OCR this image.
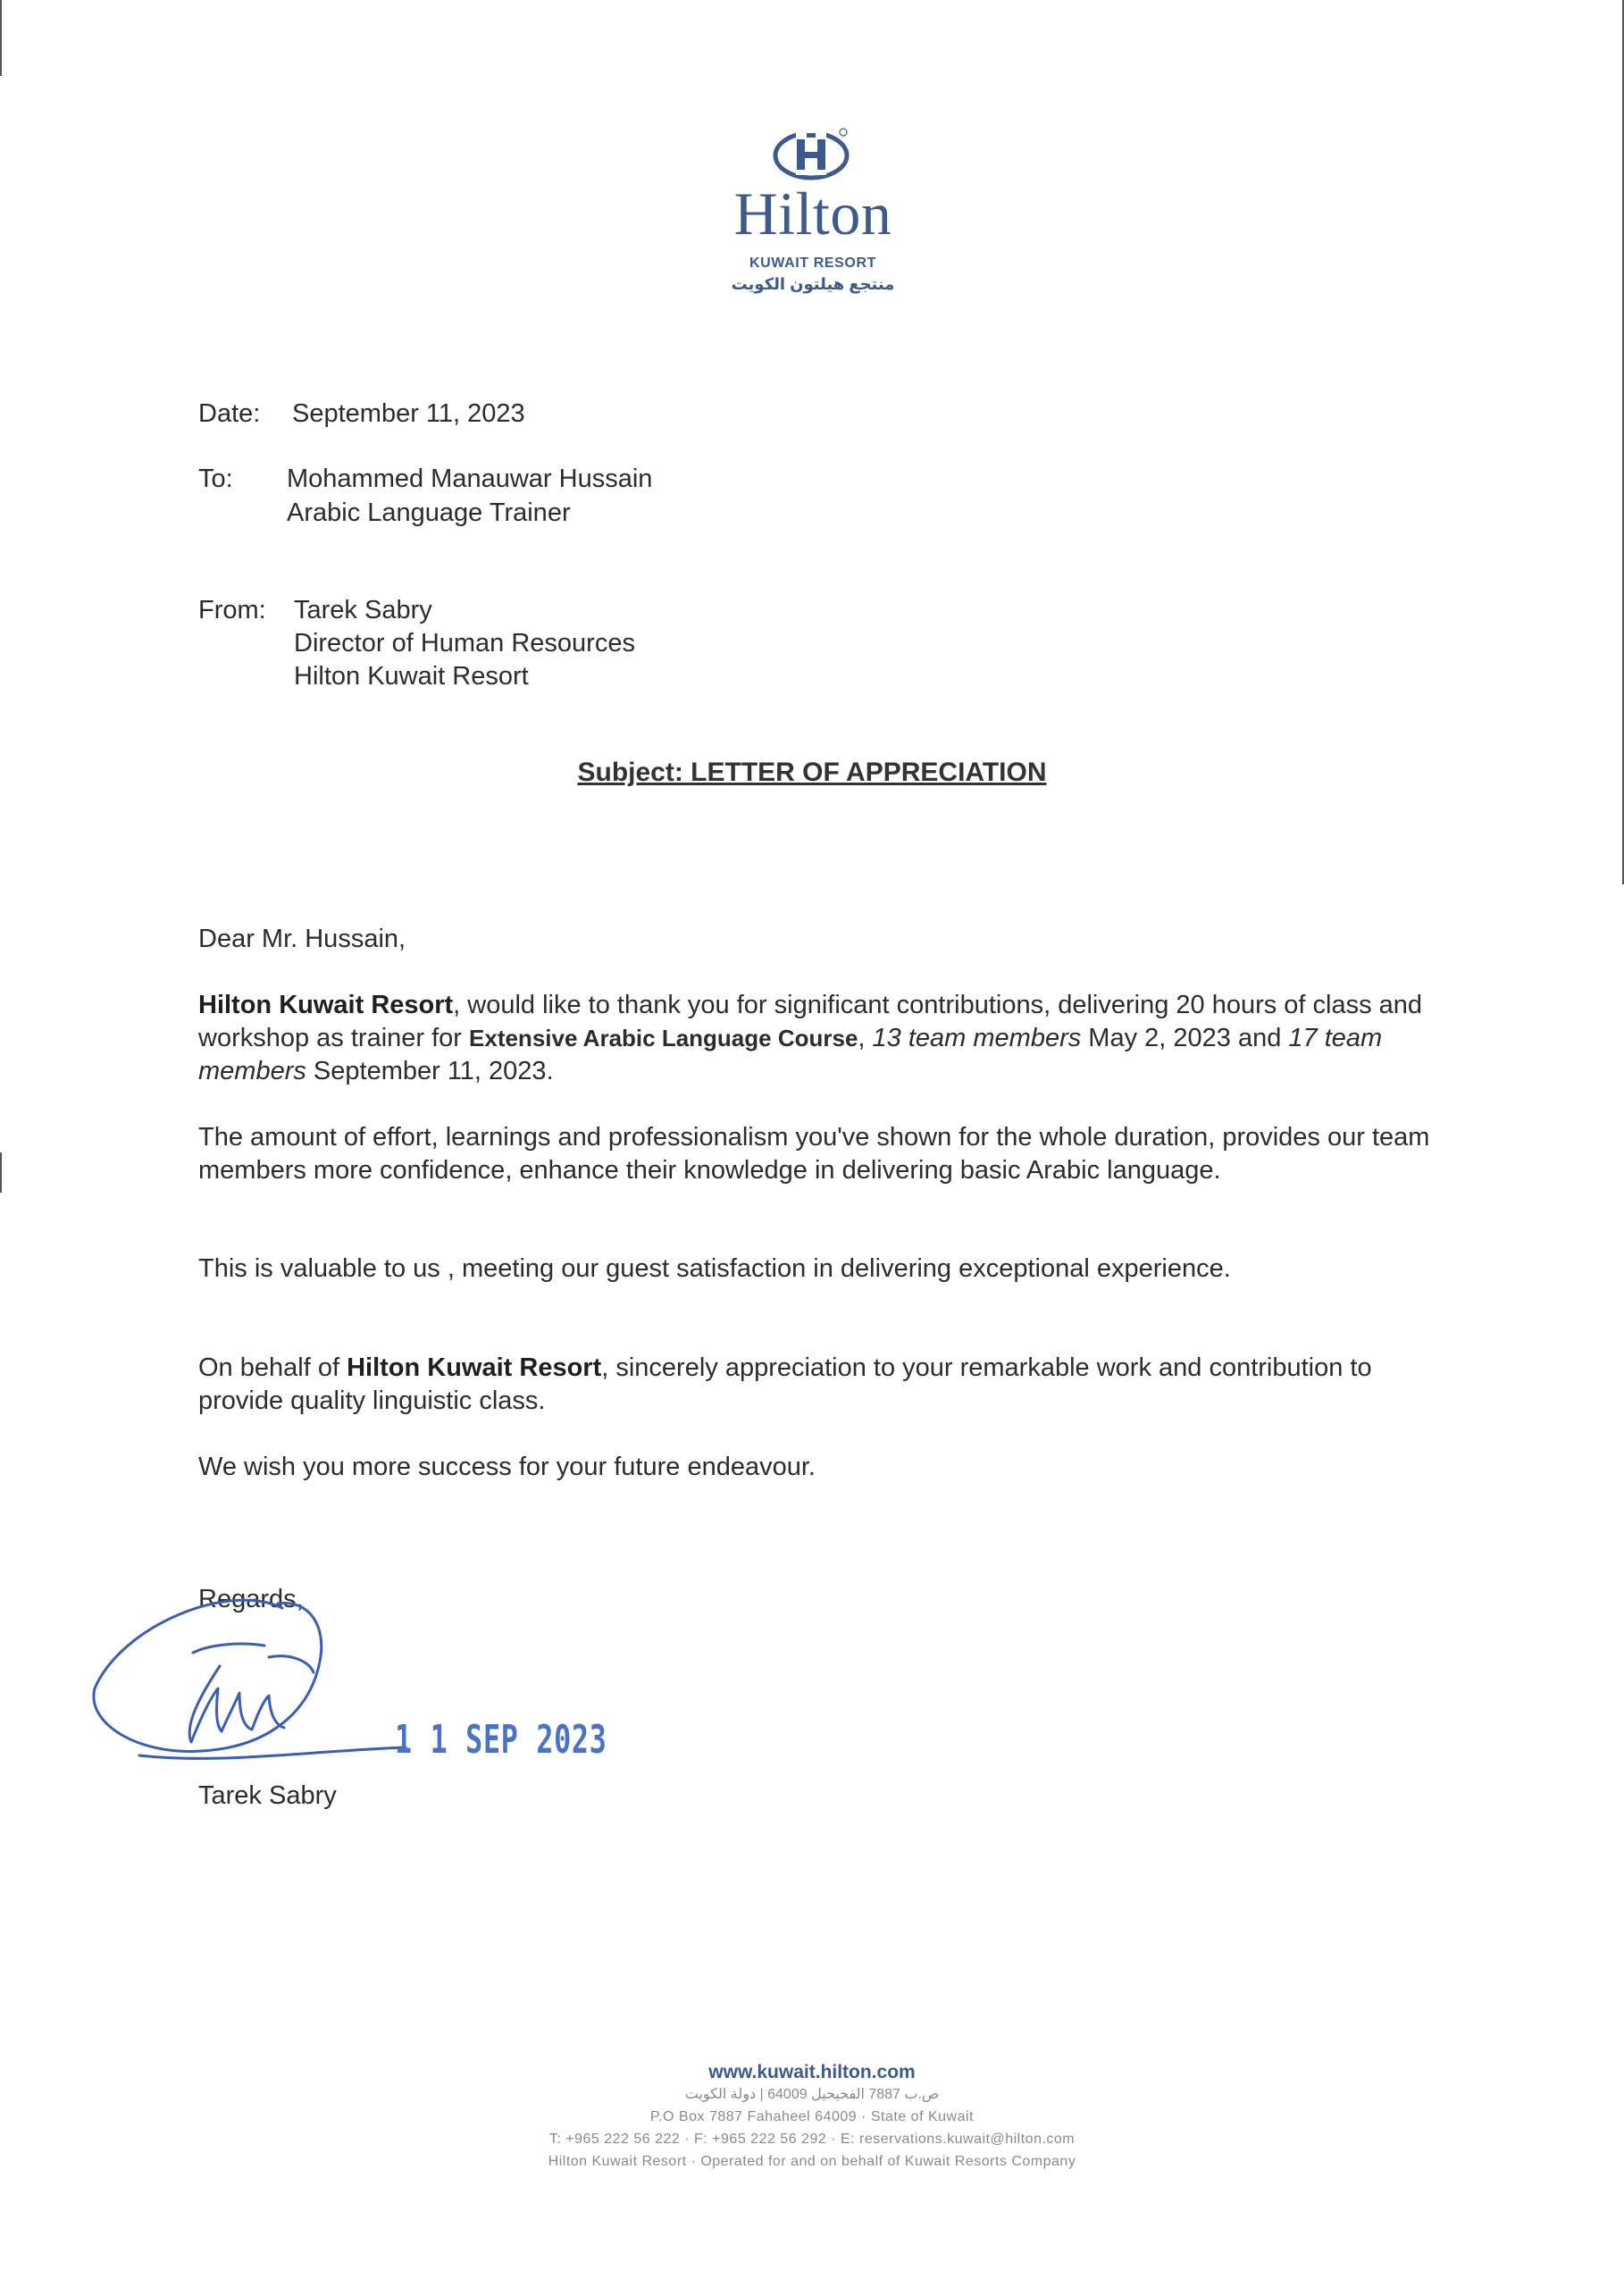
Hilton
KUWAIT RESORT
منتجع هيلتون الكويت
Date: September 11, 2023
To: Mohammed Manauwar Hussain
Arabic Language Trainer
From: Tarek Sabry
Director of Human Resources
Hilton Kuwait Resort
Subject: LETTER OF APPRECIATION
Dear Mr. Hussain,
Hilton Kuwait Resort, would like to thank you for significant contributions, delivering 20 hours of class and workshop as trainer for Extensive Arabic Language Course, 13 team members May 2, 2023 and 17 team members September 11, 2023.
The amount of effort, learnings and professionalism you've shown for the whole duration, provides our team members more confidence, enhance their knowledge in delivering basic Arabic language.
This is valuable to us , meeting our guest satisfaction in delivering exceptional experience.
On behalf of Hilton Kuwait Resort, sincerely appreciation to your remarkable work and contribution to provide quality linguistic class.
We wish you more success for your future endeavour.
Regards,
1 1 SEP 2023
Tarek Sabry
www.kuwait.hilton.com
ص.ب 7887 الفحيحيل 64009 | دولة الكويت
P.O Box 7887 Fahaheel 64009 · State of Kuwait
T: +965 222 56 222 · F: +965 222 56 292 · E: reservations.kuwait@hilton.com
Hilton Kuwait Resort · Operated for and on behalf of Kuwait Resorts Company
